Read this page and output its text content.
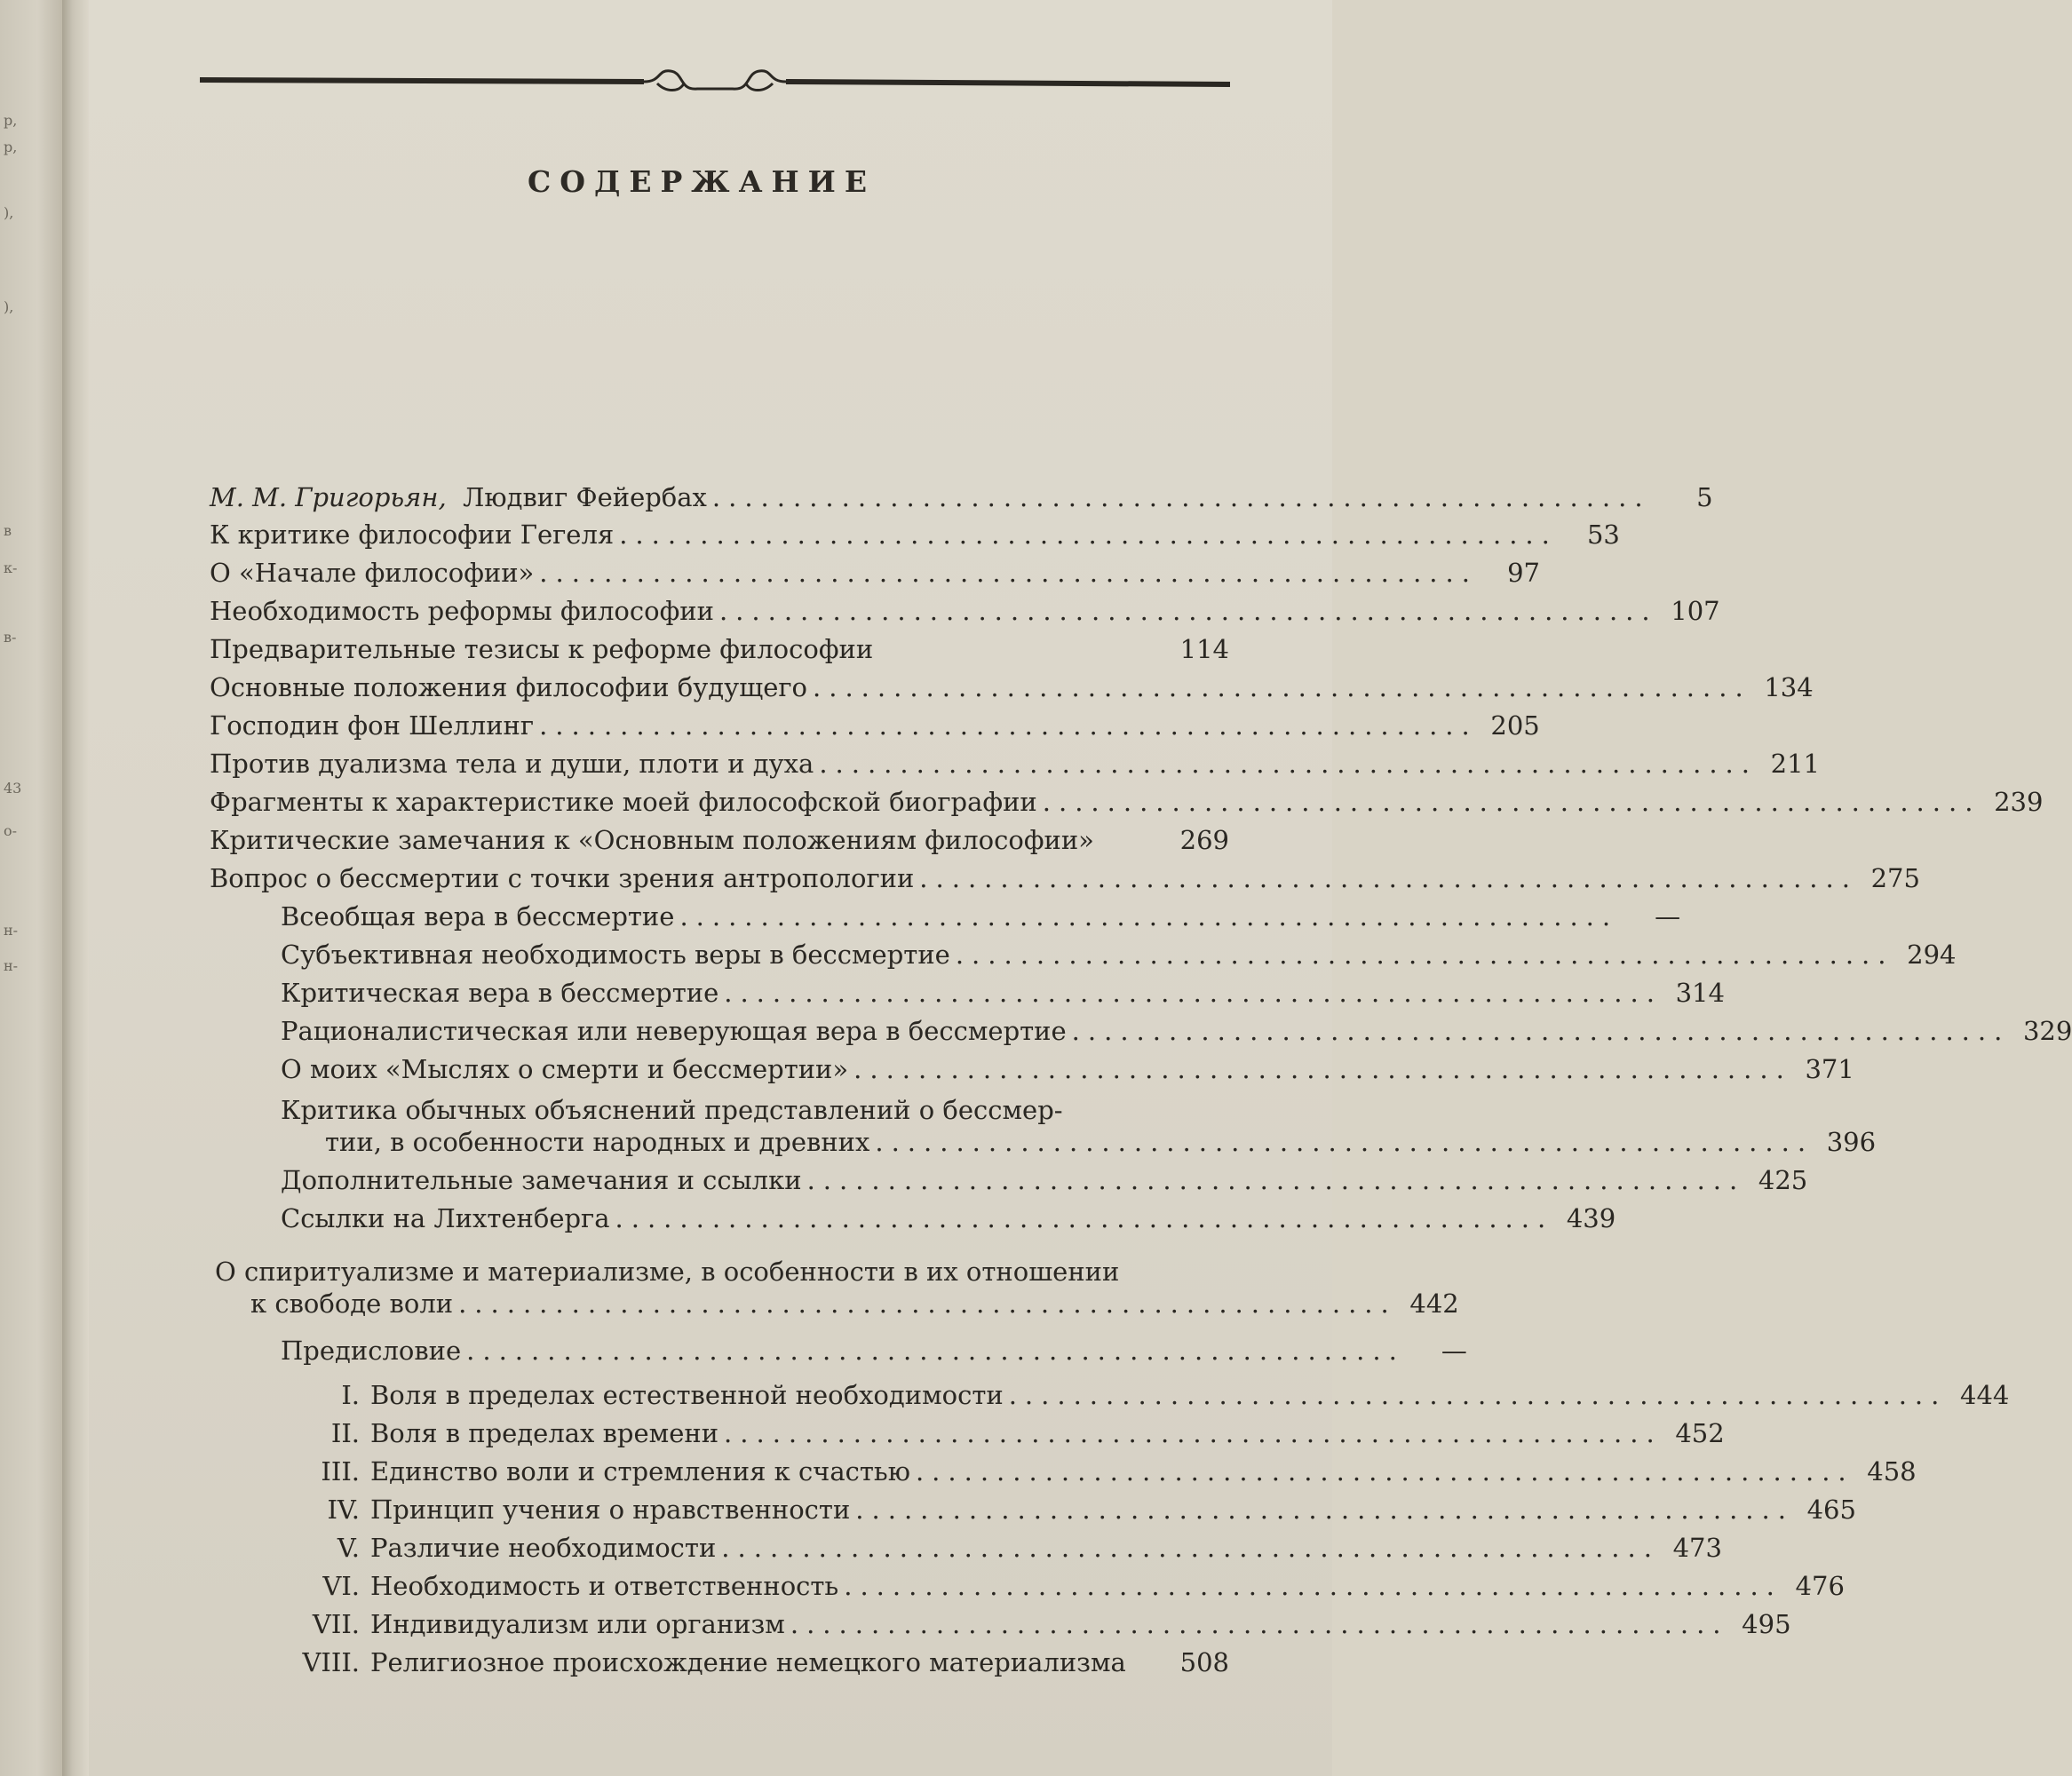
р,
р,
),
),
в
к-
в-
43
о-
н-
н-
СОДЕРЖАНИЕ
М. М. Григорьян, Людвиг Фейербах ..........................................................	5
К критике философии Гегеля ..........................................................	53
О «Начале философии» ..........................................................	97
Необходимость реформы философии .......................................................... 107
Предварительные тезисы к реформе философии	114
Основные положения философии будущего .......................................................... 134
Господин фон Шеллинг .......................................................... 205
Против дуализма тела и души, плоти и духа .......................................................... 211
Фрагменты к характеристике моей философской биографии .......................................................... 239
Критические замечания к «Основным положениям философии»	269
Вопрос о бессмертии с точки зрения антропологии .......................................................... 275
Всеобщая вера в бессмертие ..........................................................	—
Субъективная необходимость веры в бессмертие .......................................................... 294
Критическая вера в бессмертие .......................................................... 314
Рационалистическая или неверующая вера в бессмертие .......................................................... 329
О моих «Мыслях о смерти и бессмертии» .......................................................... 371
Критика обычных объяснений представлений о бессмер-
тии, в особенности народных и древних .......................................................... 396
Дополнительные замечания и ссылки .......................................................... 425
Ссылки на Лихтенберга .......................................................... 439
О спиритуализме и материализме, в особенности в их отношении
к свободе воли .......................................................... 442
Предисловие ..........................................................	—
I. Воля в пределах естественной необходимости .......................................................... 444
II. Воля в пределах времени .......................................................... 452
III. Единство воли и стремления к счастью .......................................................... 458
IV. Принцип учения о нравственности .......................................................... 465
V. Различие необходимости .......................................................... 473
VI. Необходимость и ответственность .......................................................... 476
VII. Индивидуализм или организм .......................................................... 495
VIII. Религиозное происхождение немецкого материализма	508
